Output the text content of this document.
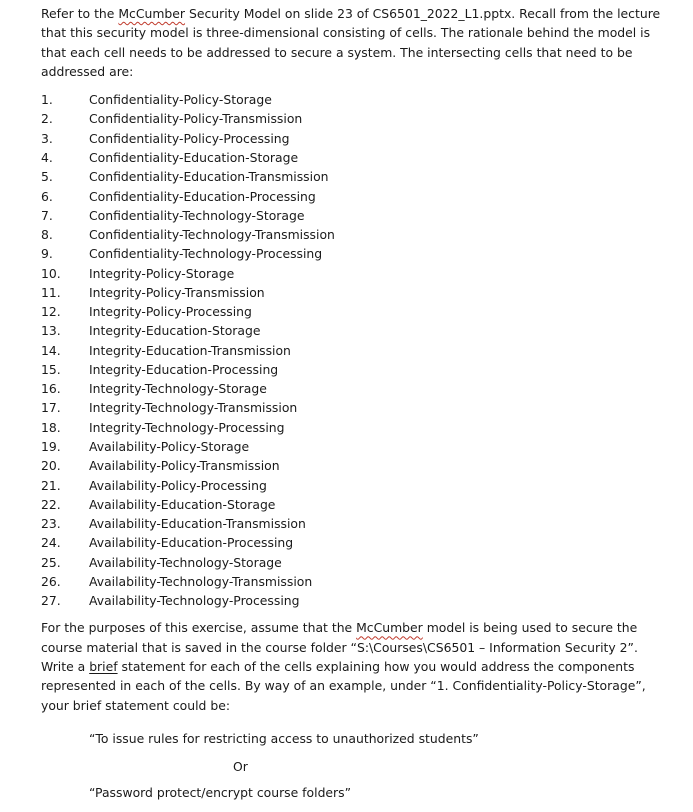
Refer to the McCumber Security Model on slide 23 of CS6501_2022_L1.pptx. Recall from the lecture that this security model is three-dimensional consisting of cells. The rationale behind the model is that each cell needs to be addressed to secure a system. The intersecting cells that need to be addressed are:

1.	Confidentiality-Policy-Storage
2.	Confidentiality-Policy-Transmission
3.	Confidentiality-Policy-Processing
4.	Confidentiality-Education-Storage
5.	Confidentiality-Education-Transmission
6.	Confidentiality-Education-Processing
7.	Confidentiality-Technology-Storage
8.	Confidentiality-Technology-Transmission
9.	Confidentiality-Technology-Processing
10.	Integrity-Policy-Storage
11.	Integrity-Policy-Transmission
12.	Integrity-Policy-Processing
13.	Integrity-Education-Storage
14.	Integrity-Education-Transmission
15.	Integrity-Education-Processing
16.	Integrity-Technology-Storage
17.	Integrity-Technology-Transmission
18.	Integrity-Technology-Processing
19.	Availability-Policy-Storage
20.	Availability-Policy-Transmission
21.	Availability-Policy-Processing
22.	Availability-Education-Storage
23.	Availability-Education-Transmission
24.	Availability-Education-Processing
25.	Availability-Technology-Storage
26.	Availability-Technology-Transmission
27.	Availability-Technology-Processing

For the purposes of this exercise, assume that the McCumber model is being used to secure the course material that is saved in the course folder “S:\Courses\CS6501 – Information Security 2”. Write a brief statement for each of the cells explaining how you would address the components represented in each of the cells. By way of an example, under “1. Confidentiality-Policy-Storage”, your brief statement could be:

“To issue rules for restricting access to unauthorized students”
Or
“Password protect/encrypt course folders”
